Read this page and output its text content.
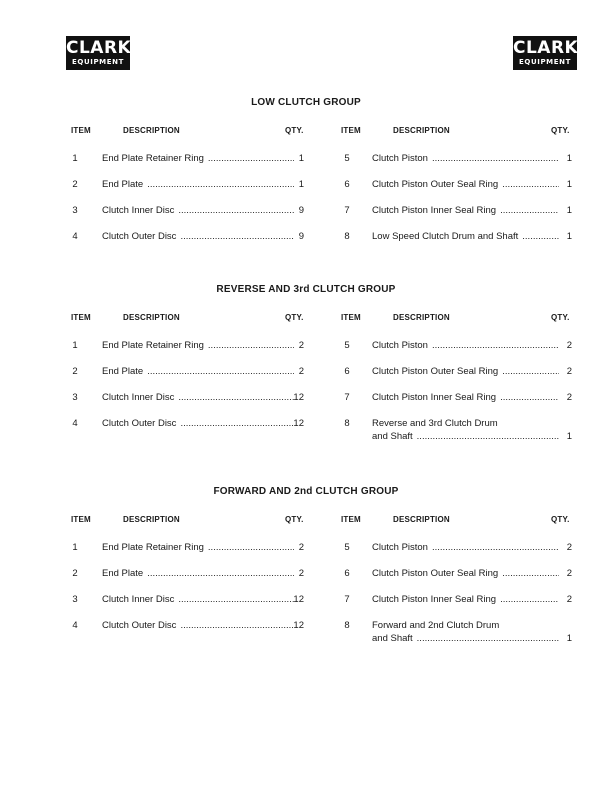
CLARK
EQUIPMENT
CLARK
EQUIPMENT
LOW CLUTCH GROUP
ITEM	DESCRIPTION	QTY.
1	End Plate Retainer Ring .....	1
2	End Plate .....	1
3	Clutch Inner Disc .....	9
4	Clutch Outer Disc .....	9
ITEM	DESCRIPTION	QTY.
5	Clutch Piston .....	1
6	Clutch Piston Outer Seal Ring .....	1
7	Clutch Piston Inner Seal Ring .....	1
8	Low Speed Clutch Drum and Shaft .....	1
REVERSE AND 3rd CLUTCH GROUP
ITEM	DESCRIPTION	QTY.
1	End Plate Retainer Ring .....	2
2	End Plate .....	2
3	Clutch Inner Disc .....	12
4	Clutch Outer Disc .....	12
ITEM	DESCRIPTION	QTY.
5	Clutch Piston .....	2
6	Clutch Piston Outer Seal Ring .....	2
7	Clutch Piston Inner Seal Ring .....	2
8	Reverse and 3rd Clutch Drum
and Shaft .....	1
FORWARD AND 2nd CLUTCH GROUP
ITEM	DESCRIPTION	QTY.
1	End Plate Retainer Ring .....	2
2	End Plate .....	2
3	Clutch Inner Disc .....	12
4	Clutch Outer Disc .....	12
ITEM	DESCRIPTION	QTY.
5	Clutch Piston .....	2
6	Clutch Piston Outer Seal Ring .....	2
7	Clutch Piston Inner Seal Ring .....	2
8	Forward and 2nd Clutch Drum
and Shaft .....	1
